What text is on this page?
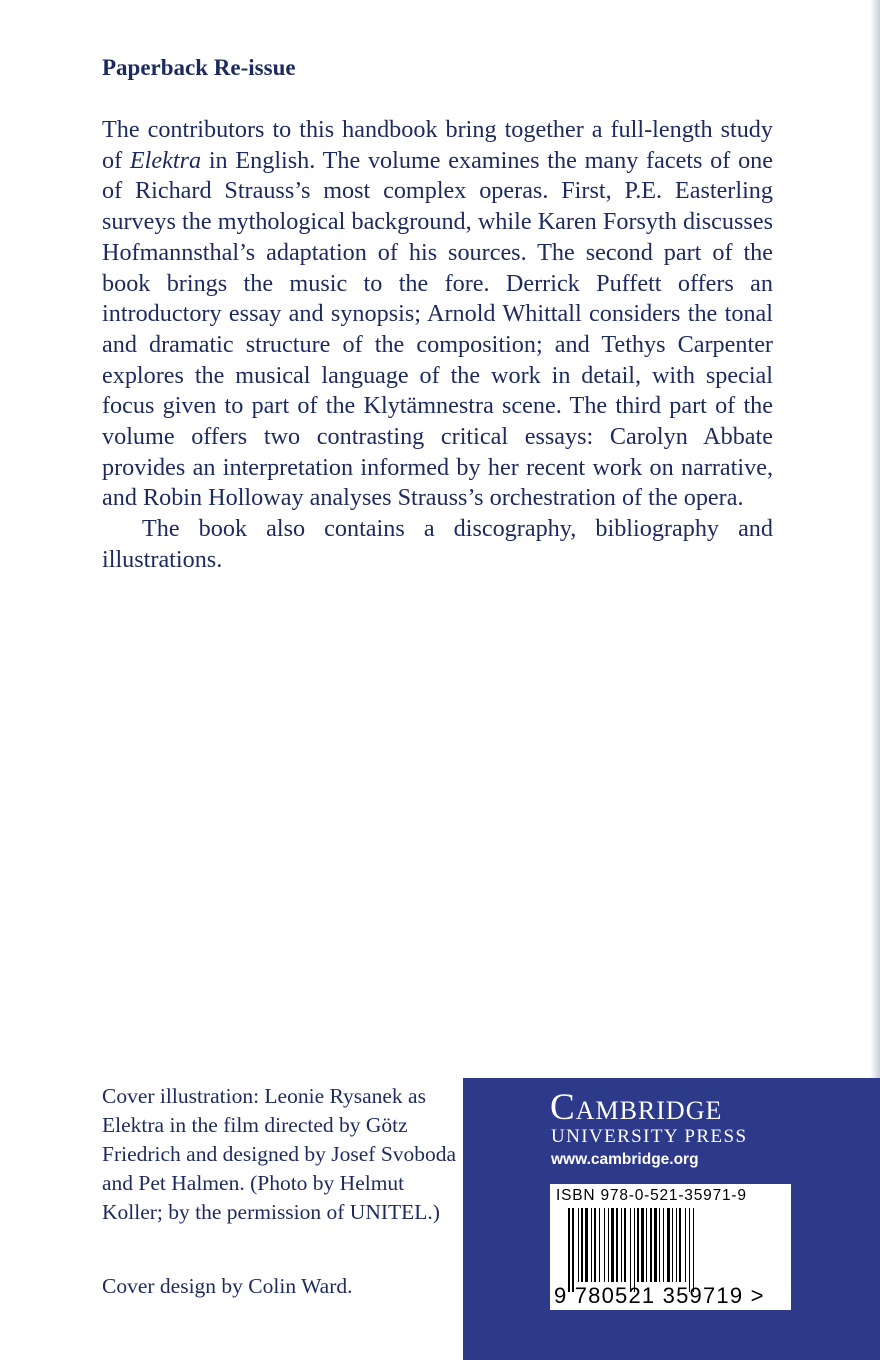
Paperback Re-issue

The contributors to this handbook bring together a full-length study of Elektra in English. The volume examines the many facets of one of Richard Strauss’s most complex operas. First, P.E. Easterling surveys the mythological background, while Karen Forsyth discusses Hofmannsthal’s adaptation of his sources. The second part of the book brings the music to the fore. Derrick Puffett offers an introductory essay and synopsis; Arnold Whittall considers the tonal and dramatic structure of the composition; and Tethys Carpenter explores the musical language of the work in detail, with special focus given to part of the Klytämnestra scene. The third part of the volume offers two contrasting critical essays: Carolyn Abbate provides an interpretation informed by her recent work on narrative, and Robin Holloway analyses Strauss’s orchestration of the opera.

The book also contains a discography, bibliography and illustrations.

Cover illustration: Leonie Rysanek as Elektra in the film directed by Götz Friedrich and designed by Josef Svoboda and Pet Halmen. (Photo by Helmut Koller; by the permission of UNITEL.)
Cover design by Colin Ward.
Cambridge
UNIVERSITY PRESS
www.cambridge.org
ISBN 978-0-521-35971-9
9 780521 359719 >
